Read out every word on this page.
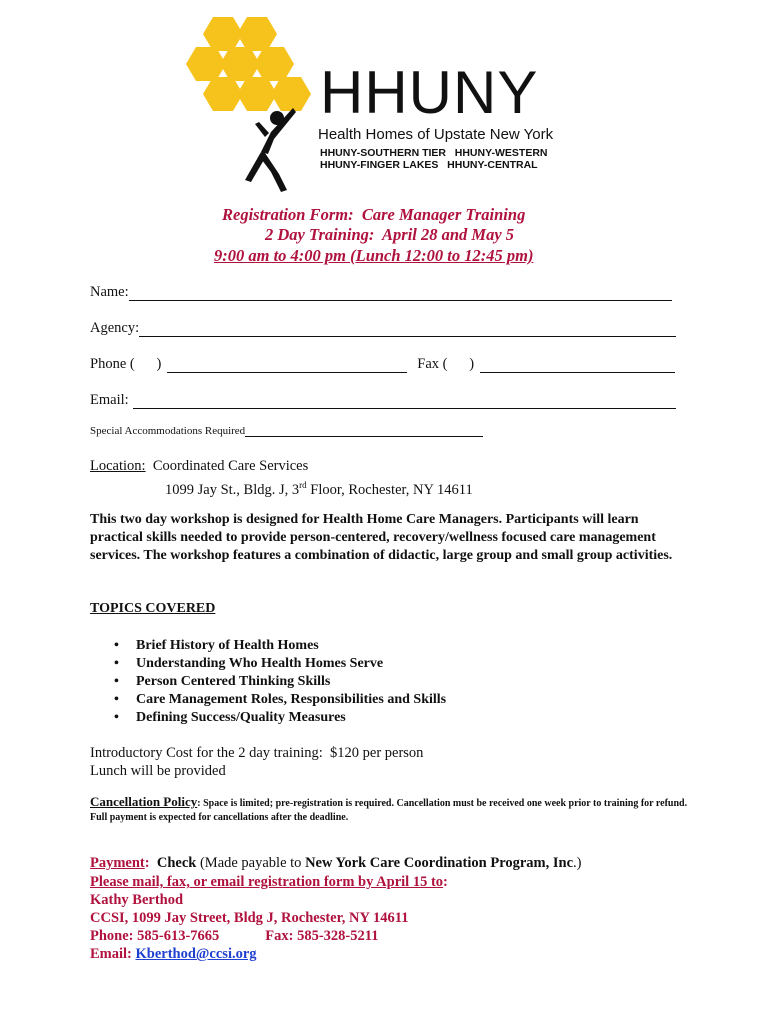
HHUNY
Health Homes of Upstate New York
HHUNY-SOUTHERN TIER   HHUNY-WESTERN
HHUNY-FINGER LAKES   HHUNY-CENTRAL
Registration Form:  Care Manager Training
2 Day Training:  April 28 and May 5
9:00 am to 4:00 pm (Lunch 12:00 to 12:45 pm)
Name:
Agency:
Phone (      )	Fax (      )
Email:
Special Accommodations Required
Location: Coordinated Care Services
1099 Jay St., Bldg. J, 3rd Floor, Rochester, NY 14611
This two day workshop is designed for Health Home Care Managers. Participants will learn practical skills needed to provide person-centered, recovery/wellness focused care management services. The workshop features a combination of didactic, large group and small group activities.
TOPICS COVERED
• Brief History of Health Homes
• Understanding Who Health Homes Serve
• Person Centered Thinking Skills
• Care Management Roles, Responsibilities and Skills
• Defining Success/Quality Measures
Introductory Cost for the 2 day training:  $120 per person
Lunch will be provided
Cancellation Policy: Space is limited; pre-registration is required. Cancellation must be received one week prior to training for refund. Full payment is expected for cancellations after the deadline.

Payment:  Check (Made payable to New York Care Coordination Program, Inc.)

Please mail, fax, or email registration form by April 15 to:
Kathy Berthod
CCSI, 1099 Jay Street, Bldg J, Rochester, NY 14611
Phone: 585-613-7665	Fax: 585-328-5211
Email: Kberthod@ccsi.org
